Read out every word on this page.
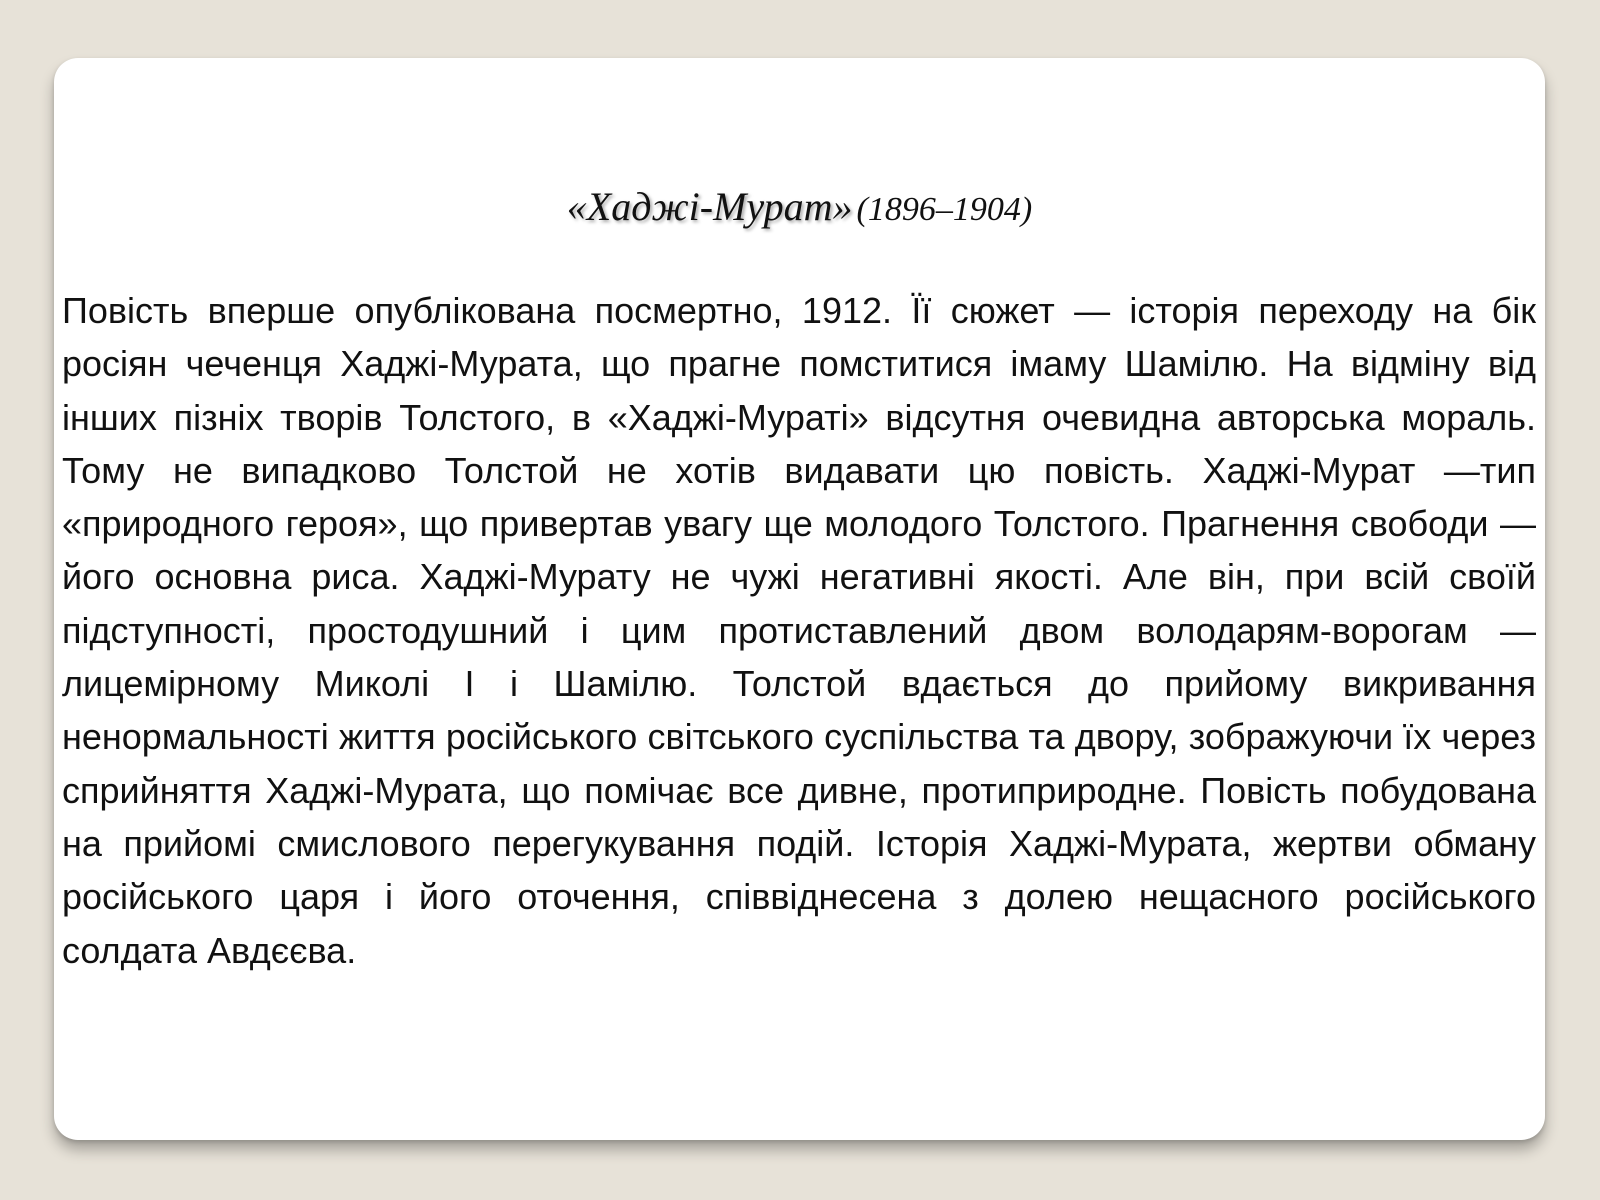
«Хаджі-Мурат» (1896–1904)

Повість вперше опублікована посмертно, 1912. Її сюжет — історія переходу на бік росіян чеченця Хаджі-Мурата, що прагне помститися імаму Шамілю. На відміну від інших пізніх творів Толстого, в «Хаджі-Мураті» відсутня очевидна авторська мораль. Тому не випадково Толстой не хотів видавати цю повість. Хаджі-Мурат —тип «природного героя», що привертав увагу ще молодого Толстого. Прагнення свободи — його основна риса. Хаджі-Мурату не чужі негативні якості. Але він, при всій своїй підступності, простодушний і цим протиставлений двом володарям-ворогам — лицемірному Миколі І і Шамілю. Толстой вдається до прийому викривання ненормальності життя російського світського суспільства та двору, зображуючи їх через сприйняття Хаджі-Мурата, що помічає все дивне, протиприродне. Повість побудована на прийомі смислового перегукування подій. Історія Хаджі-Мурата, жертви обману російського царя і його оточення, співвіднесена з долею нещасного російського солдата Авдєєва.
